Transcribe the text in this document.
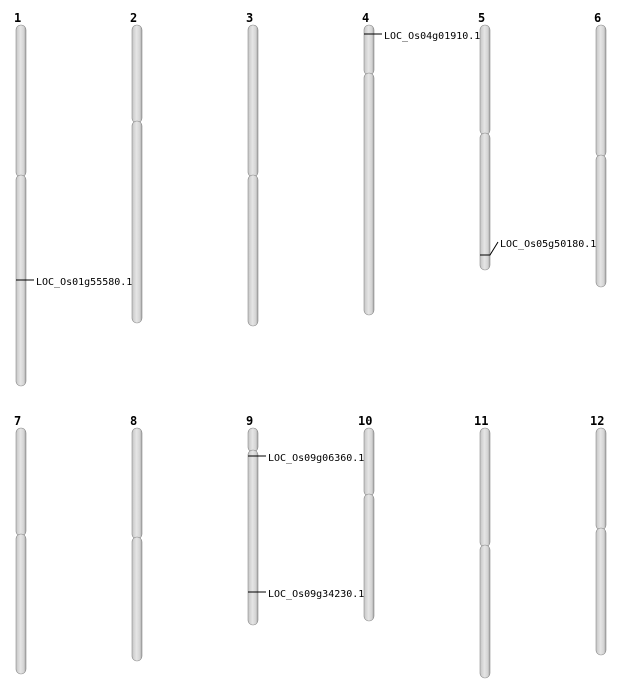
1	2	3	4	5	6
7	8	9	10	11	12
LOC_Os01g55580.1
LOC_Os04g01910.1
LOC_Os05g50180.1
LOC_Os09g06360.1
LOC_Os09g34230.1
